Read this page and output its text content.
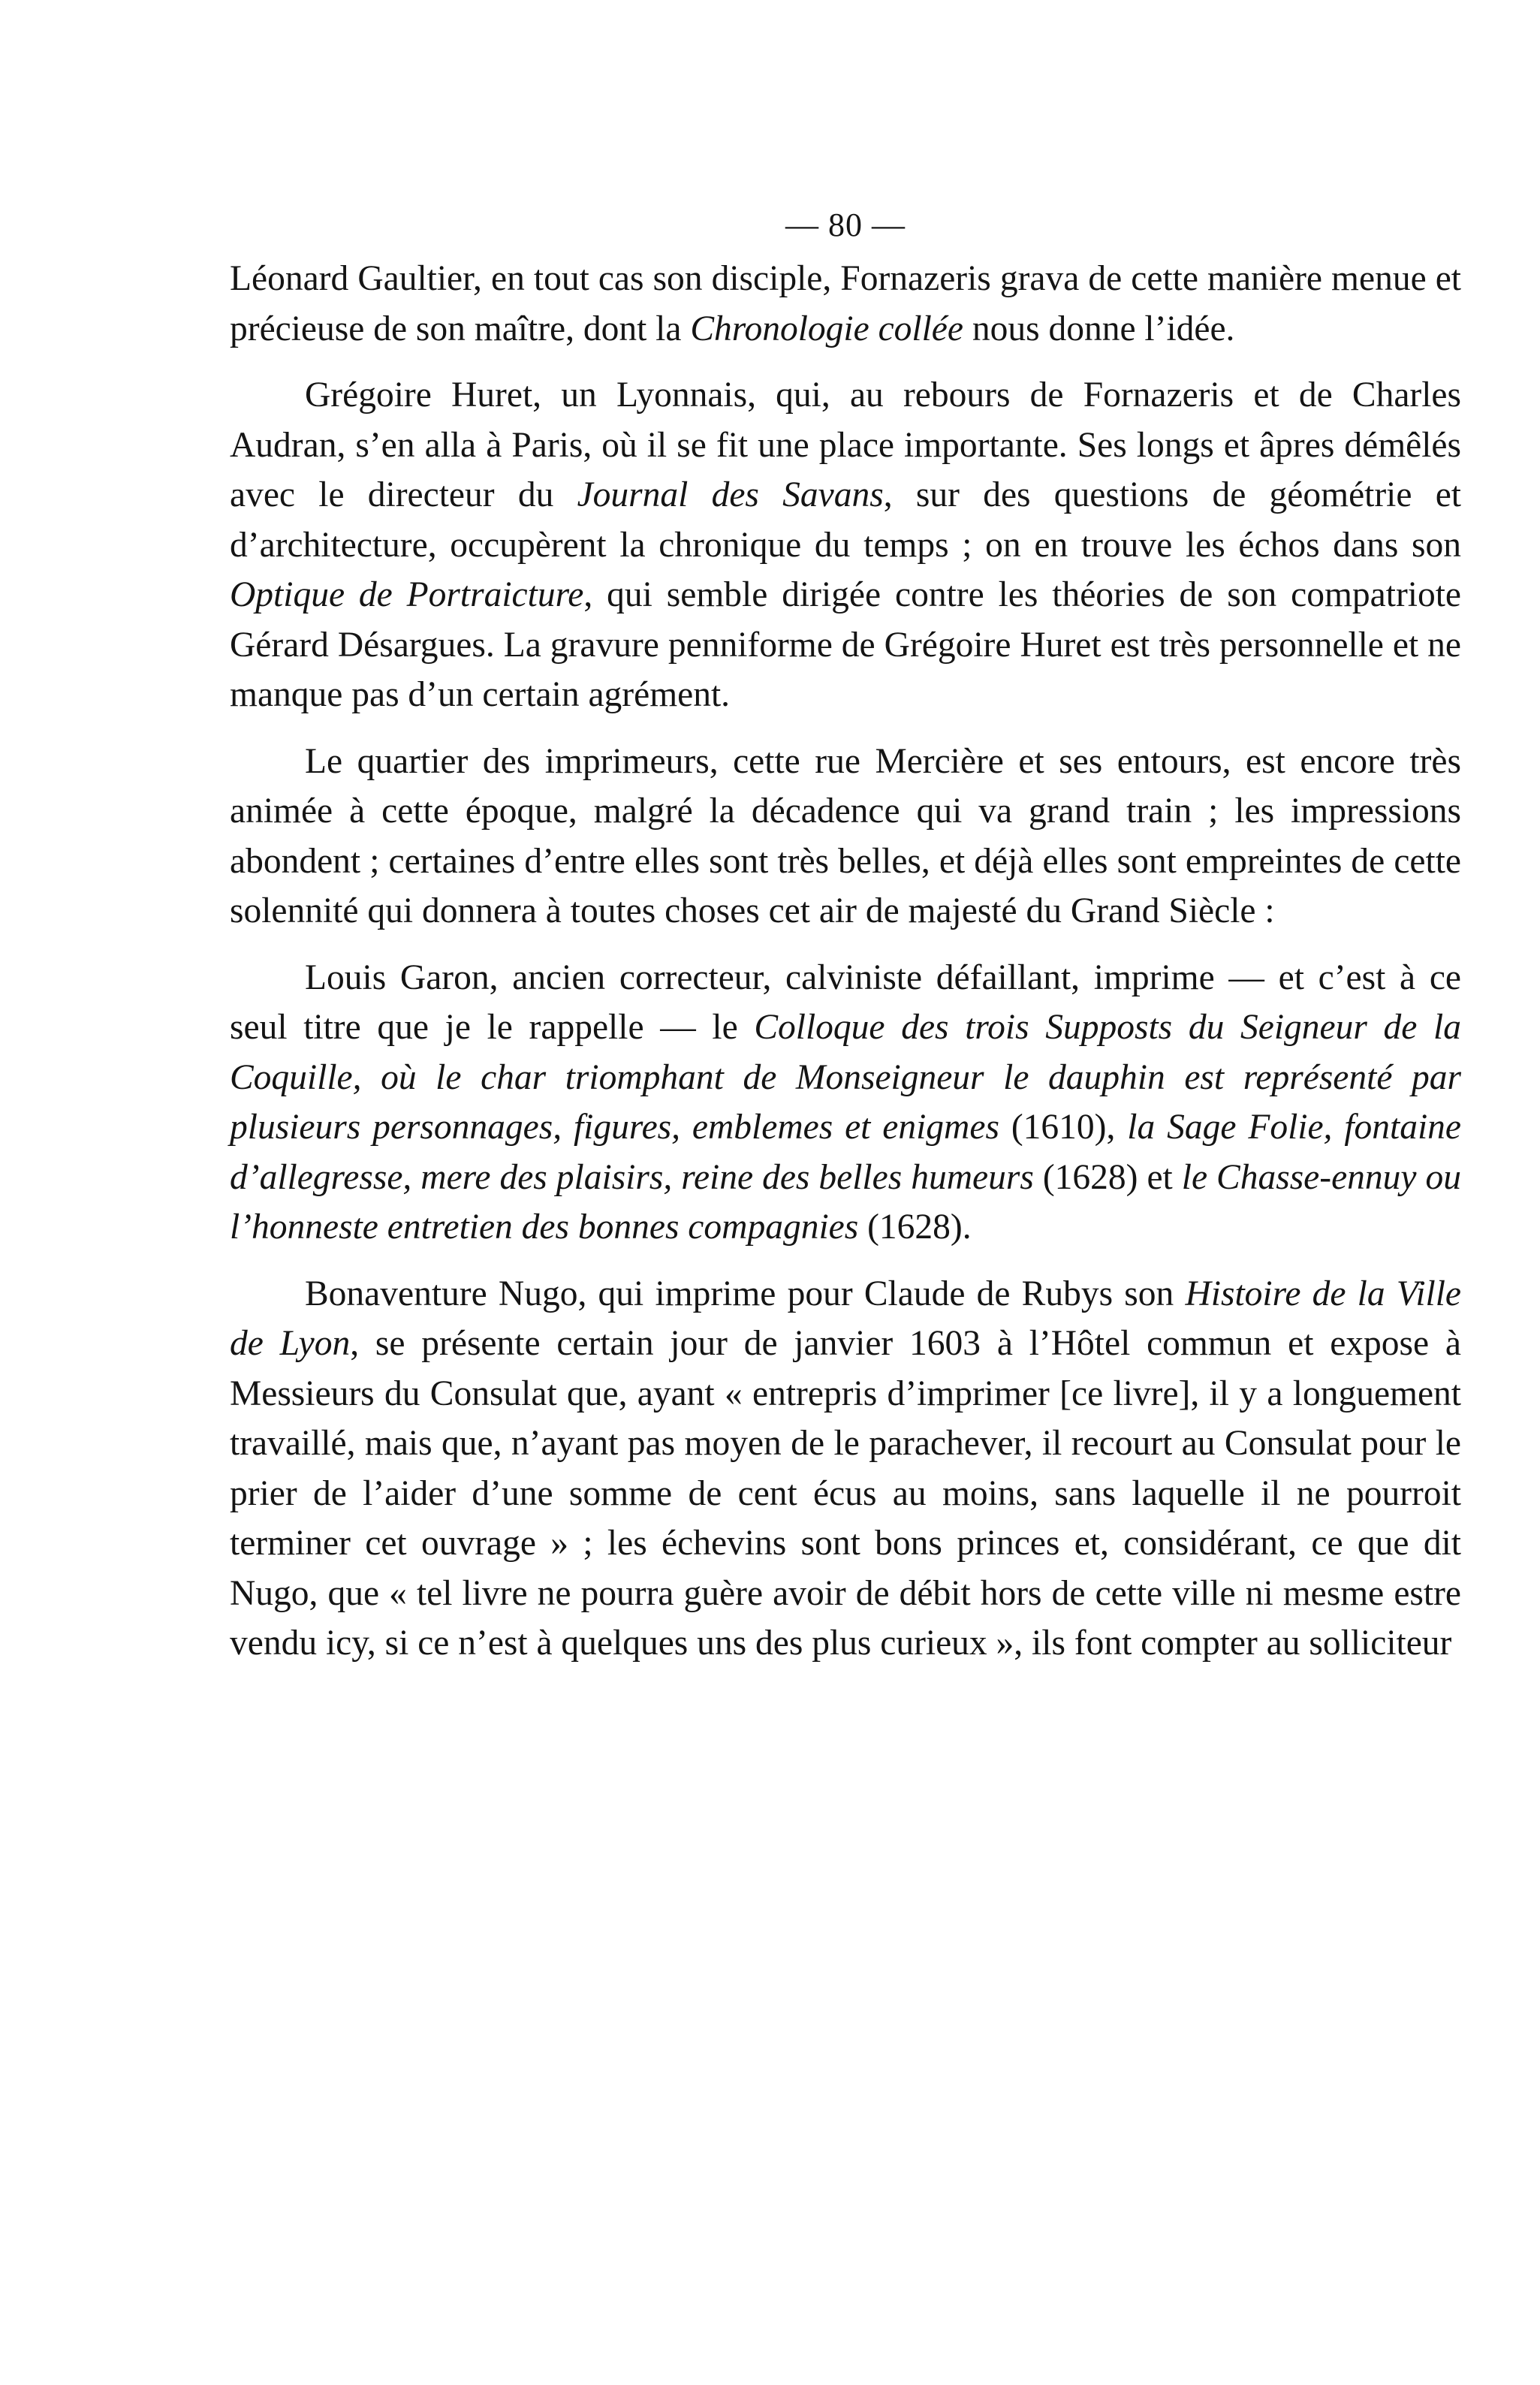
— 80 —

Léonard Gaultier, en tout cas son disciple, Fornazeris grava de cette manière menue et précieuse de son maître, dont la Chronologie collée nous donne l’idée.

Grégoire Huret, un Lyonnais, qui, au rebours de Fornazeris et de Charles Audran, s’en alla à Paris, où il se fit une place importante. Ses longs et âpres démêlés avec le directeur du Journal des Savans, sur des questions de géométrie et d’architecture, occupèrent la chronique du temps ; on en trouve les échos dans son Optique de Portraicture, qui semble dirigée contre les théories de son compatriote Gérard Désargues. La gravure penniforme de Grégoire Huret est très personnelle et ne manque pas d’un certain agrément.

Le quartier des imprimeurs, cette rue Mercière et ses entours, est encore très animée à cette époque, malgré la décadence qui va grand train ; les impressions abondent ; certaines d’entre elles sont très belles, et déjà elles sont empreintes de cette solennité qui donnera à toutes choses cet air de majesté du Grand Siècle :

Louis Garon, ancien correcteur, calviniste défaillant, imprime — et c’est à ce seul titre que je le rappelle — le Colloque des trois Supposts du Seigneur de la Coquille, où le char triomphant de Monseigneur le dauphin est représenté par plusieurs personnages, figures, emblemes et enigmes (1610), la Sage Folie, fontaine d’allegresse, mere des plaisirs, reine des belles humeurs (1628) et le Chasse-ennuy ou l’honneste entretien des bonnes compagnies (1628).

Bonaventure Nugo, qui imprime pour Claude de Rubys son Histoire de la Ville de Lyon, se présente certain jour de janvier 1603 à l’Hôtel commun et expose à Messieurs du Consulat que, ayant « entrepris d’imprimer [ce livre], il y a longuement travaillé, mais que, n’ayant pas moyen de le parachever, il recourt au Consulat pour le prier de l’aider d’une somme de cent écus au moins, sans laquelle il ne pourroit terminer cet ouvrage » ; les échevins sont bons princes et, considérant, ce que dit Nugo, que « tel livre ne pourra guère avoir de débit hors de cette ville ni mesme estre vendu icy, si ce n’est à quelques uns des plus curieux », ils font compter au solliciteur
